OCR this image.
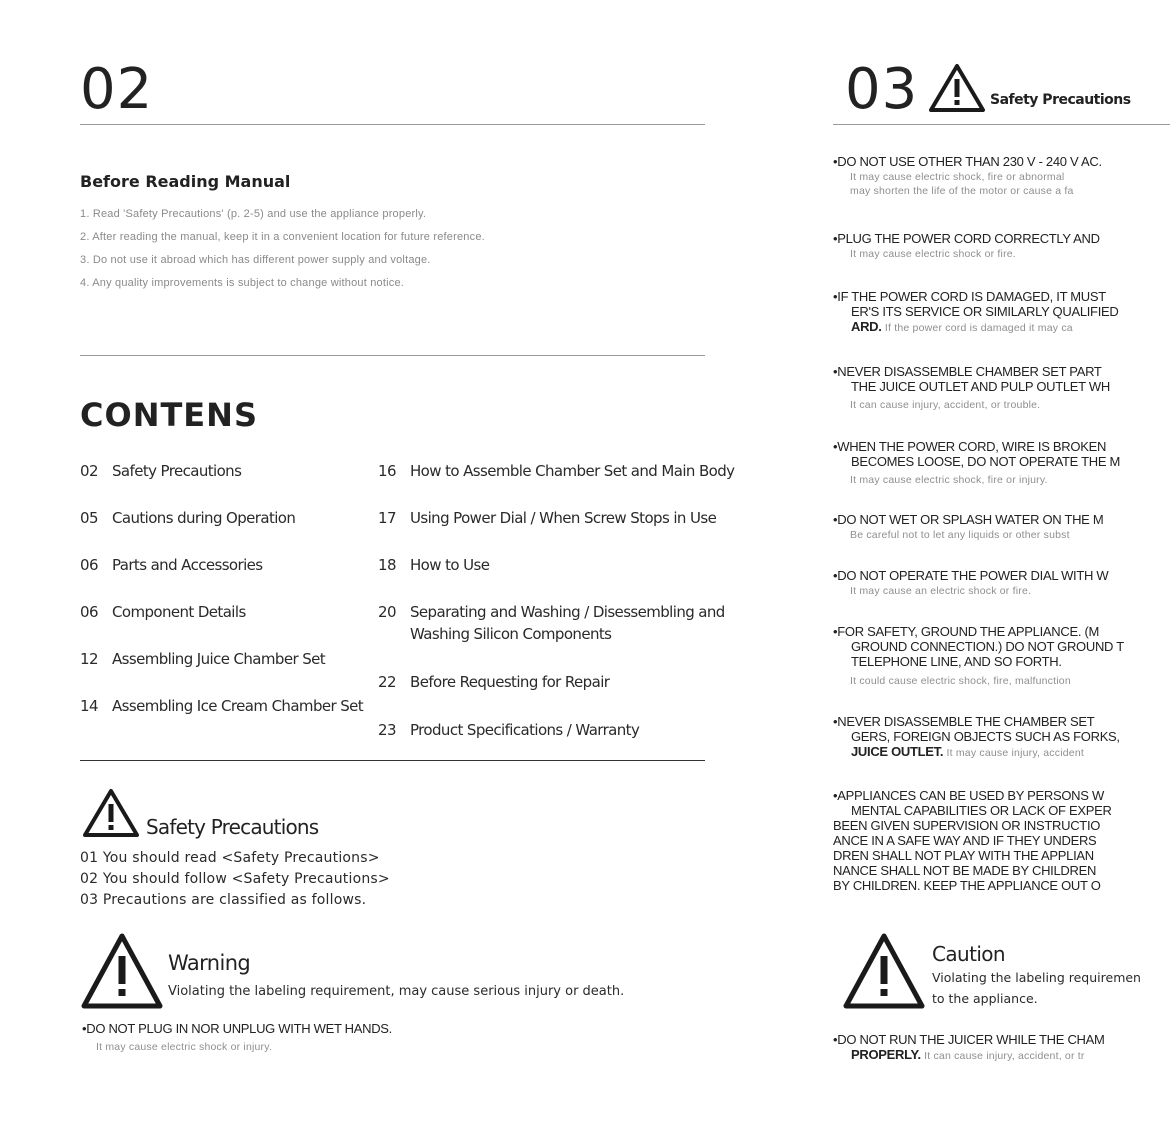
02
Before Reading Manual
1. Read 'Safety Precautions' (p. 2-5) and use the appliance properly.
2. After reading the manual, keep it in a convenient location for future reference.
3. Do not use it abroad which has different power supply and voltage.
4. Any quality improvements is subject to change without notice.
CONTENS
02 Safety Precautions
05 Cautions during Operation
06 Parts and Accessories
06 Component Details
12 Assembling Juice Chamber Set
14 Assembling Ice Cream Chamber Set
16 How to Assemble Chamber Set and Main Body
17 Using Power Dial / When Screw Stops in Use
18 How to Use
20 Separating and Washing / Disessembling and
Washing Silicon Components
22 Before Requesting for Repair
23 Product Specifications / Warranty
Safety Precautions
01 You should read <Safety Precautions>
02 You should follow <Safety Precautions>
03 Precautions are classified as follows.
Warning
Violating the labeling requirement, may cause serious injury or death.
•DO NOT PLUG IN NOR UNPLUG WITH WET HANDS.
It may cause electric shock or injury.
03	Safety Precautions
•DO NOT USE OTHER THAN 230 V - 240 V AC.
It may cause electric shock, fire or abnormal
may shorten the life of the motor or cause a fa
•PLUG THE POWER CORD CORRECTLY AND
It may cause electric shock or fire.
•IF THE POWER CORD IS DAMAGED, IT MUST
ER'S ITS SERVICE OR SIMILARLY QUALIFIED
ARD. If the power cord is damaged it may ca
•NEVER DISASSEMBLE CHAMBER SET PART
THE JUICE OUTLET AND PULP OUTLET WH
It can cause injury, accident, or trouble.
•WHEN THE POWER CORD, WIRE IS BROKEN
BECOMES LOOSE, DO NOT OPERATE THE M
It may cause electric shock, fire or injury.
•DO NOT WET OR SPLASH WATER ON THE M
Be careful not to let any liquids or other subst
•DO NOT OPERATE THE POWER DIAL WITH W
It may cause an electric shock or fire.
•FOR SAFETY, GROUND THE APPLIANCE. (M
GROUND CONNECTION.) DO NOT GROUND T
TELEPHONE LINE, AND SO FORTH.
It could cause electric shock, fire, malfunction
•NEVER DISASSEMBLE THE CHAMBER SET
GERS, FOREIGN OBJECTS SUCH AS FORKS,
JUICE OUTLET. It may cause injury, accident
•APPLIANCES CAN BE USED BY PERSONS W
MENTAL CAPABILITIES OR LACK OF EXPER
BEEN GIVEN SUPERVISION OR INSTRUCTIO
ANCE IN A SAFE WAY AND IF THEY UNDERS
DREN SHALL NOT PLAY WITH THE APPLIAN
NANCE SHALL NOT BE MADE BY CHILDREN
BY CHILDREN. KEEP THE APPLIANCE OUT O
Caution
Violating the labeling requiremen
to the appliance.
•DO NOT RUN THE JUICER WHILE THE CHAM
PROPERLY. It can cause injury, accident, or tr
